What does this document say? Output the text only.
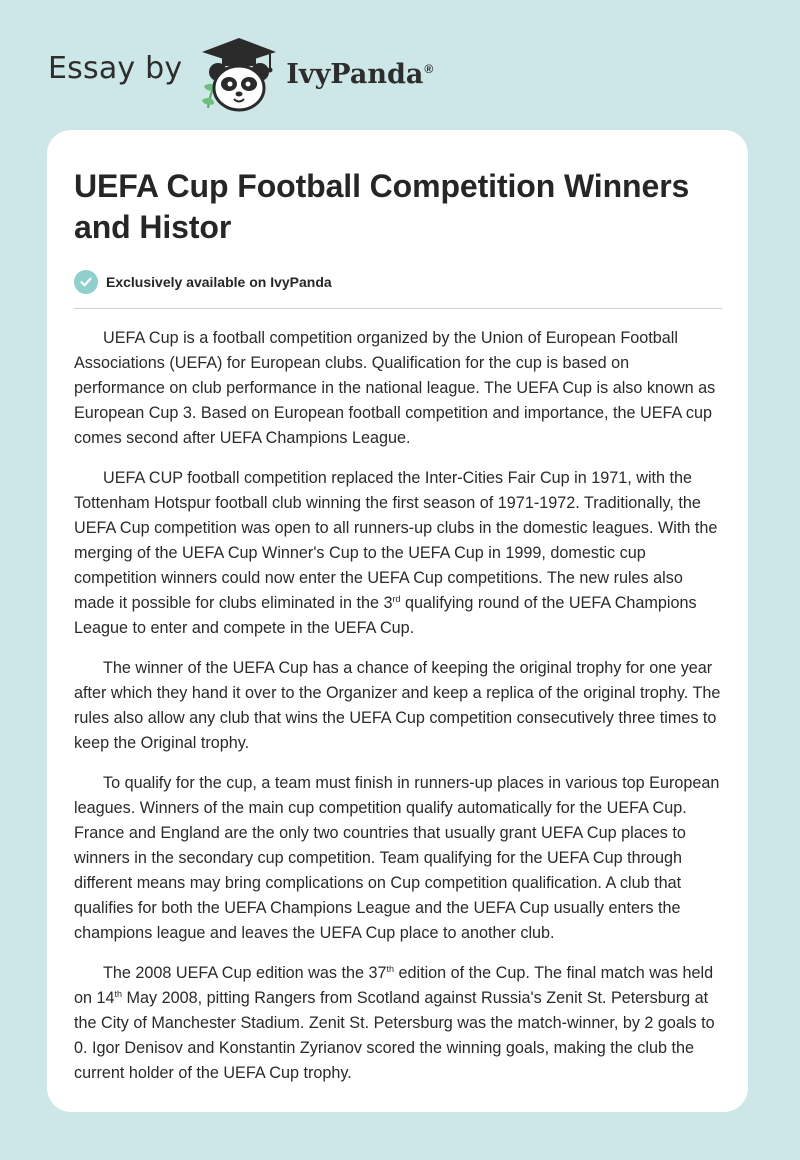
Essay by	IvyPanda®
UEFA Cup Football Competition Winners and Histor
Exclusively available on IvyPanda

UEFA Cup is a football competition organized by the Union of European Football Associations (UEFA) for European clubs. Qualification for the cup is based on performance on club performance in the national league. The UEFA Cup is also known as European Cup 3. Based on European football competition and importance, the UEFA cup comes second after UEFA Champions League.

UEFA CUP football competition replaced the Inter-Cities Fair Cup in 1971, with the Tottenham Hotspur football club winning the first season of 1971-1972. Traditionally, the UEFA Cup competition was open to all runners-up clubs in the domestic leagues. With the merging of the UEFA Cup Winner's Cup to the UEFA Cup in 1999, domestic cup competition winners could now enter the UEFA Cup competitions. The new rules also made it possible for clubs eliminated in the 3rd qualifying round of the UEFA Champions League to enter and compete in the UEFA Cup.

The winner of the UEFA Cup has a chance of keeping the original trophy for one year after which they hand it over to the Organizer and keep a replica of the original trophy. The rules also allow any club that wins the UEFA Cup competition consecutively three times to keep the Original trophy.

To qualify for the cup, a team must finish in runners-up places in various top European leagues. Winners of the main cup competition qualify automatically for the UEFA Cup. France and England are the only two countries that usually grant UEFA Cup places to winners in the secondary cup competition. Team qualifying for the UEFA Cup through different means may bring complications on Cup competition qualification. A club that qualifies for both the UEFA Champions League and the UEFA Cup usually enters the champions league and leaves the UEFA Cup place to another club.

The 2008 UEFA Cup edition was the 37th edition of the Cup. The final match was held on 14th May 2008, pitting Rangers from Scotland against Russia's Zenit St. Petersburg at the City of Manchester Stadium. Zenit St. Petersburg was the match-winner, by 2 goals to 0. Igor Denisov and Konstantin Zyrianov scored the winning goals, making the club the current holder of the UEFA Cup trophy.
